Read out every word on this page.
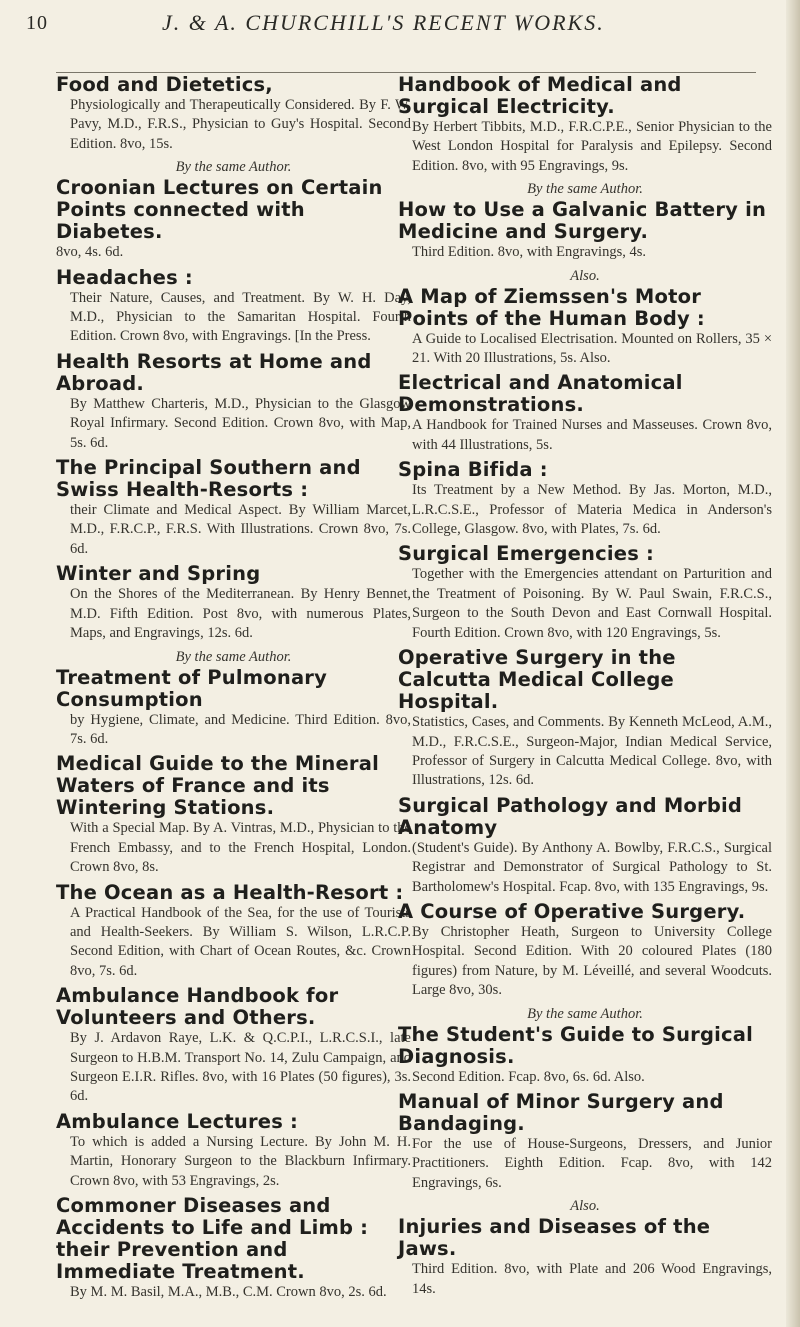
10	J. & A. CHURCHILL'S RECENT WORKS.
Food and Dietetics,
Physiologically and Therapeutically Considered. By F. W. Pavy, M.D., F.R.S., Physician to Guy's Hospital. Second Edition. 8vo, 15s.
By the same Author.
Croonian Lectures on Certain Points connected with Diabetes.
8vo, 4s. 6d.
Headaches :
Their Nature, Causes, and Treatment. By W. H. Day, M.D., Physician to the Samaritan Hospital. Fourth Edition. Crown 8vo, with Engravings. [In the Press.
Health Resorts at Home and Abroad.
By Matthew Charteris, M.D., Physician to the Glasgow Royal Infirmary. Second Edition. Crown 8vo, with Map, 5s. 6d.
The Principal Southern and Swiss Health-Resorts :
their Climate and Medical Aspect. By William Marcet, M.D., F.R.C.P., F.R.S. With Illustrations. Crown 8vo, 7s. 6d.
Winter and Spring
On the Shores of the Mediterranean. By Henry Bennet, M.D. Fifth Edition. Post 8vo, with numerous Plates, Maps, and Engravings, 12s. 6d.
By the same Author.
Treatment of Pulmonary Consumption
by Hygiene, Climate, and Medicine. Third Edition. 8vo, 7s. 6d.
Medical Guide to the Mineral Waters of France and its Wintering Stations.
With a Special Map. By A. Vintras, M.D., Physician to the French Embassy, and to the French Hospital, London. Crown 8vo, 8s.
The Ocean as a Health-Resort :
A Practical Handbook of the Sea, for the use of Tourists and Health-Seekers. By William S. Wilson, L.R.C.P. Second Edition, with Chart of Ocean Routes, &c. Crown 8vo, 7s. 6d.
Ambulance Handbook for Volunteers and Others.
By J. Ardavon Raye, L.K. & Q.C.P.I., L.R.C.S.I., late Surgeon to H.B.M. Transport No. 14, Zulu Campaign, and Surgeon E.I.R. Rifles. 8vo, with 16 Plates (50 figures), 3s. 6d.
Ambulance Lectures :
To which is added a Nursing Lecture. By John M. H. Martin, Honorary Surgeon to the Blackburn Infirmary. Crown 8vo, with 53 Engravings, 2s.
Commoner Diseases and Accidents to Life and Limb : their Prevention and Immediate Treatment.
By M. M. Basil, M.A., M.B., C.M. Crown 8vo, 2s. 6d.
Handbook of Medical and Surgical Electricity.
By Herbert Tibbits, M.D., F.R.C.P.E., Senior Physician to the West London Hospital for Paralysis and Epilepsy. Second Edition. 8vo, with 95 Engravings, 9s.
By the same Author.
How to Use a Galvanic Battery in Medicine and Surgery.
Third Edition. 8vo, with Engravings, 4s.
Also.
A Map of Ziemssen's Motor Points of the Human Body :
A Guide to Localised Electrisation. Mounted on Rollers, 35 × 21. With 20 Illustrations, 5s. Also.
Electrical and Anatomical Demonstrations.
A Handbook for Trained Nurses and Masseuses. Crown 8vo, with 44 Illustrations, 5s.
Spina Bifida :
Its Treatment by a New Method. By Jas. Morton, M.D., L.R.C.S.E., Professor of Materia Medica in Anderson's College, Glasgow. 8vo, with Plates, 7s. 6d.
Surgical Emergencies :
Together with the Emergencies attendant on Parturition and the Treatment of Poisoning. By W. Paul Swain, F.R.C.S., Surgeon to the South Devon and East Cornwall Hospital. Fourth Edition. Crown 8vo, with 120 Engravings, 5s.
Operative Surgery in the Calcutta Medical College Hospital.
Statistics, Cases, and Comments. By Kenneth McLeod, A.M., M.D., F.R.C.S.E., Surgeon-Major, Indian Medical Service, Professor of Surgery in Calcutta Medical College. 8vo, with Illustrations, 12s. 6d.
Surgical Pathology and Morbid Anatomy
(Student's Guide). By Anthony A. Bowlby, F.R.C.S., Surgical Registrar and Demonstrator of Surgical Pathology to St. Bartholomew's Hospital. Fcap. 8vo, with 135 Engravings, 9s.
A Course of Operative Surgery.
By Christopher Heath, Surgeon to University College Hospital. Second Edition. With 20 coloured Plates (180 figures) from Nature, by M. Léveillé, and several Woodcuts. Large 8vo, 30s.
By the same Author.
The Student's Guide to Surgical Diagnosis.
Second Edition. Fcap. 8vo, 6s. 6d. Also.
Manual of Minor Surgery and Bandaging.
For the use of House-Surgeons, Dressers, and Junior Practitioners. Eighth Edition. Fcap. 8vo, with 142 Engravings, 6s.
Also.
Injuries and Diseases of the Jaws.
Third Edition. 8vo, with Plate and 206 Wood Engravings, 14s.
